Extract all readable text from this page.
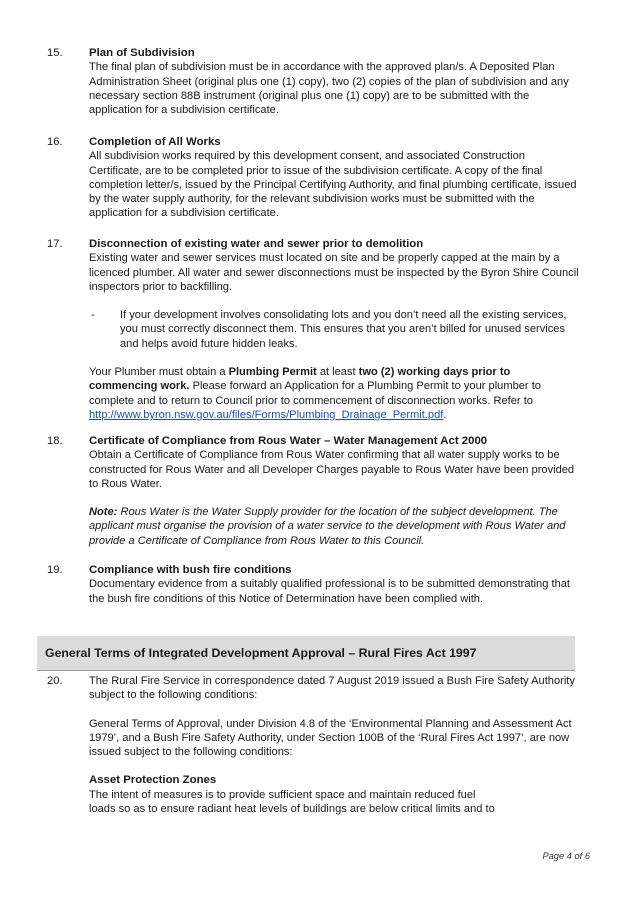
15. Plan of Subdivision

The final plan of subdivision must be in accordance with the approved plan/s. A Deposited Plan Administration Sheet (original plus one (1) copy), two (2) copies of the plan of subdivision and any necessary section 88B instrument (original plus one (1) copy) are to be submitted with the application for a subdivision certificate.

16. Completion of All Works

All subdivision works required by this development consent, and associated Construction Certificate, are to be completed prior to issue of the subdivision certificate. A copy of the final completion letter/s, issued by the Principal Certifying Authority, and final plumbing certificate, issued by the water supply authority, for the relevant subdivision works must be submitted with the application for a subdivision certificate.

17. Disconnection of existing water and sewer prior to demolition

Existing water and sewer services must located on site and be properly capped at the main by a licenced plumber. All water and sewer disconnections must be inspected by the Byron Shire Council inspectors prior to backfilling.

- If your development involves consolidating lots and you don’t need all the existing services, you must correctly disconnect them. This ensures that you aren’t billed for unused services and helps avoid future hidden leaks.

Your Plumber must obtain a Plumbing Permit at least two (2) working days prior to commencing work. Please forward an Application for a Plumbing Permit to your plumber to complete and to return to Council prior to commencement of disconnection works. Refer to http://www.byron.nsw.gov.au/files/Forms/Plumbing_Drainage_Permit.pdf.

18. Certificate of Compliance from Rous Water – Water Management Act 2000

Obtain a Certificate of Compliance from Rous Water confirming that all water supply works to be constructed for Rous Water and all Developer Charges payable to Rous Water have been provided to Rous Water.

Note: Rous Water is the Water Supply provider for the location of the subject development. The applicant must organise the provision of a water service to the development with Rous Water and provide a Certificate of Compliance from Rous Water to this Council.

19. Compliance with bush fire conditions

Documentary evidence from a suitably qualified professional is to be submitted demonstrating that the bush fire conditions of this Notice of Determination have been complied with.

General Terms of Integrated Development Approval – Rural Fires Act 1997
20. The Rural Fire Service in correspondence dated 7 August 2019 issued a Bush Fire Safety Authority subject to the following conditions:

General Terms of Approval, under Division 4.8 of the ‘Environmental Planning and Assessment Act 1979’, and a Bush Fire Safety Authority, under Section 100B of the ‘Rural Fires Act 1997’, are now issued subject to the following conditions:

Asset Protection Zones

The intent of measures is to provide sufficient space and maintain reduced fuel

loads so as to ensure radiant heat levels of buildings are below critical limits and to

Page 4 of 6
